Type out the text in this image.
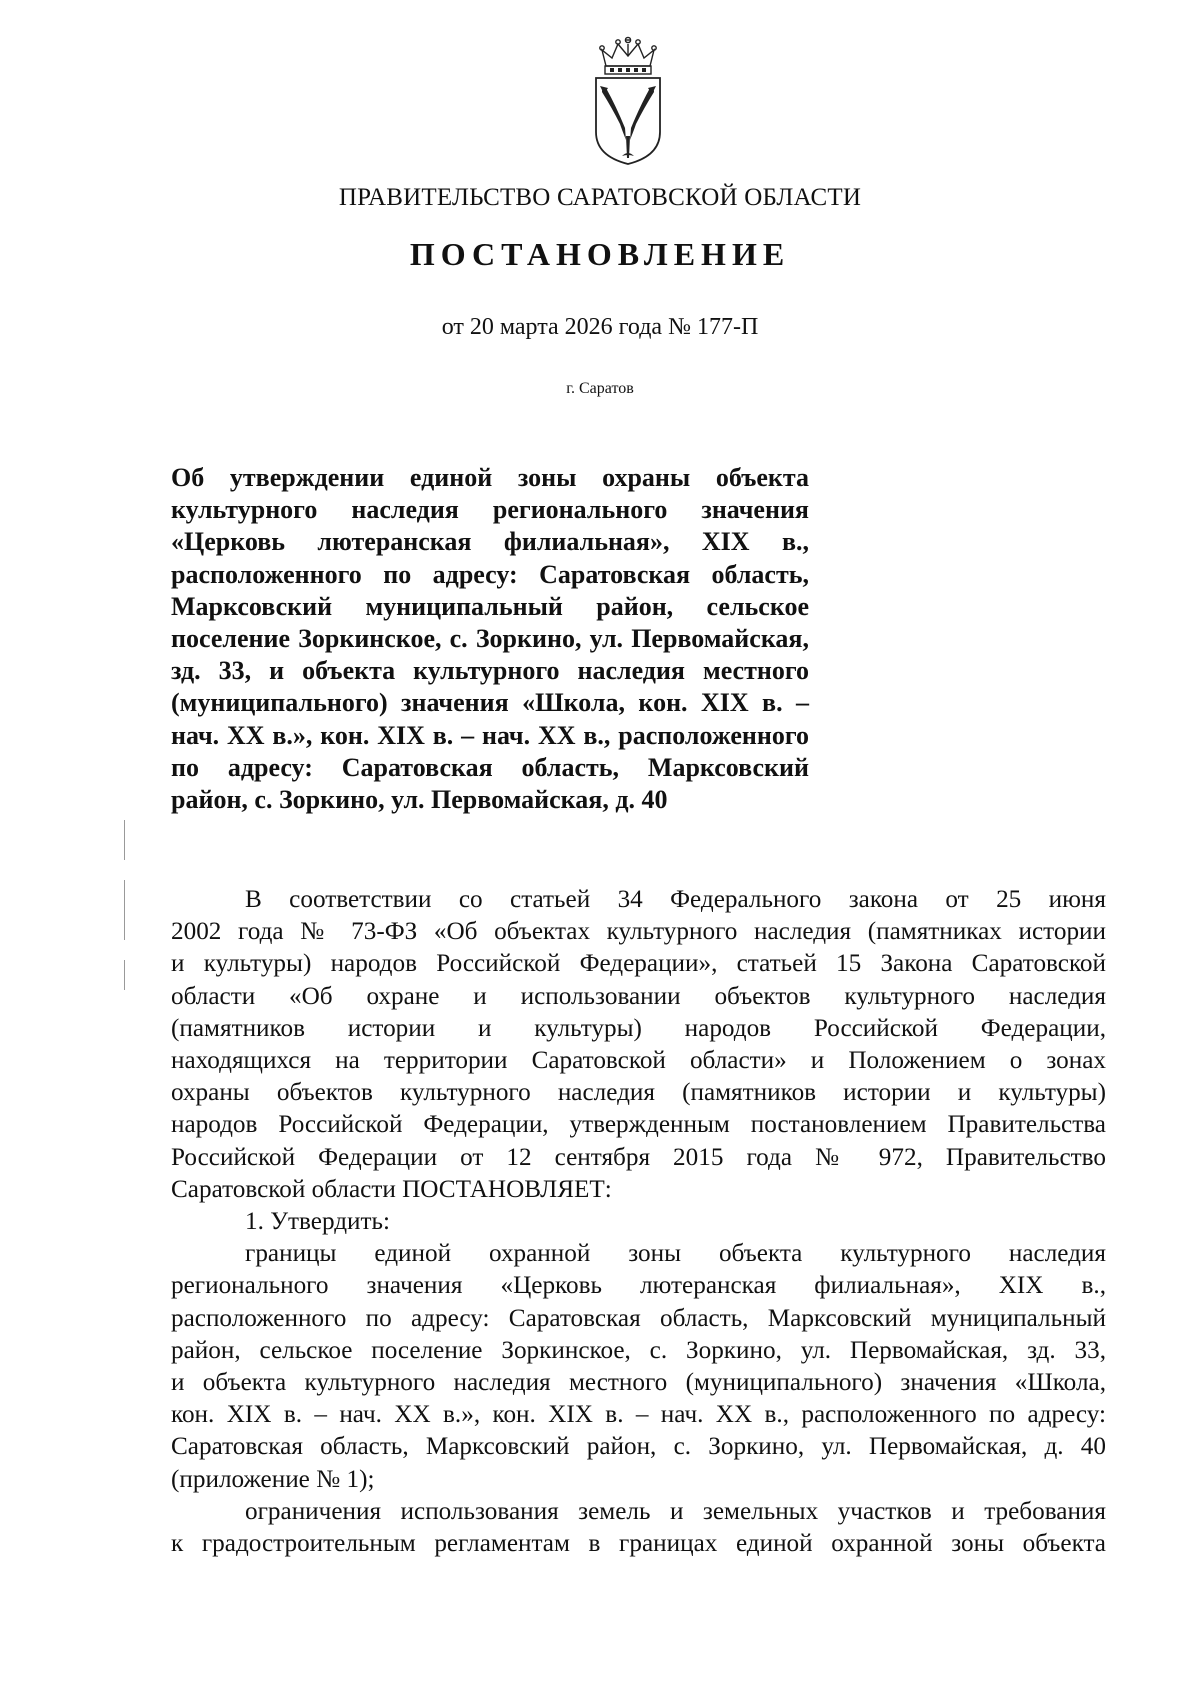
ПРАВИТЕЛЬСТВО САРАТОВСКОЙ ОБЛАСТИ
ПОСТАНОВЛЕНИЕ
от 20 марта 2026 года № 177-П
г. Саратов
Об утверждении единой зоны охраны объекта
культурного наследия регионального значения
«Церковь лютеранская филиальная», XIX в.,
расположенного по адресу: Саратовская область,
Марксовский муниципальный район, сельское
поселение Зоркинское, с. Зоркино, ул. Первомайская,
зд. 33, и объекта культурного наследия местного
(муниципального) значения «Школа, кон. XIX в. –
нач. XX в.», кон. XIX в. – нач. XX в., расположенного
по адресу: Саратовская область, Марксовский
район, с. Зоркино, ул. Первомайская, д. 40
В соответствии со статьей 34 Федерального закона от 25 июня
2002 года № 73-ФЗ «Об объектах культурного наследия (памятниках истории
и культуры) народов Российской Федерации», статьей 15 Закона Саратовской
области «Об охране и использовании объектов культурного наследия
(памятников истории и культуры) народов Российской Федерации,
находящихся на территории Саратовской области» и Положением о зонах
охраны объектов культурного наследия (памятников истории и культуры)
народов Российской Федерации, утвержденным постановлением Правительства
Российской Федерации от 12 сентября 2015 года № 972, Правительство
Саратовской области ПОСТАНОВЛЯЕТ:
1. Утвердить:
границы единой охранной зоны объекта культурного наследия
регионального значения «Церковь лютеранская филиальная», XIX в.,
расположенного по адресу: Саратовская область, Марксовский муниципальный
район, сельское поселение Зоркинское, с. Зоркино, ул. Первомайская, зд. 33,
и объекта культурного наследия местного (муниципального) значения «Школа,
кон. XIX в. – нач. XX в.», кон. XIX в. – нач. XX в., расположенного по адресу:
Саратовская область, Марксовский район, с. Зоркино, ул. Первомайская, д. 40
(приложение № 1);
ограничения использования земель и земельных участков и требования
к градостроительным регламентам в границах единой охранной зоны объекта
